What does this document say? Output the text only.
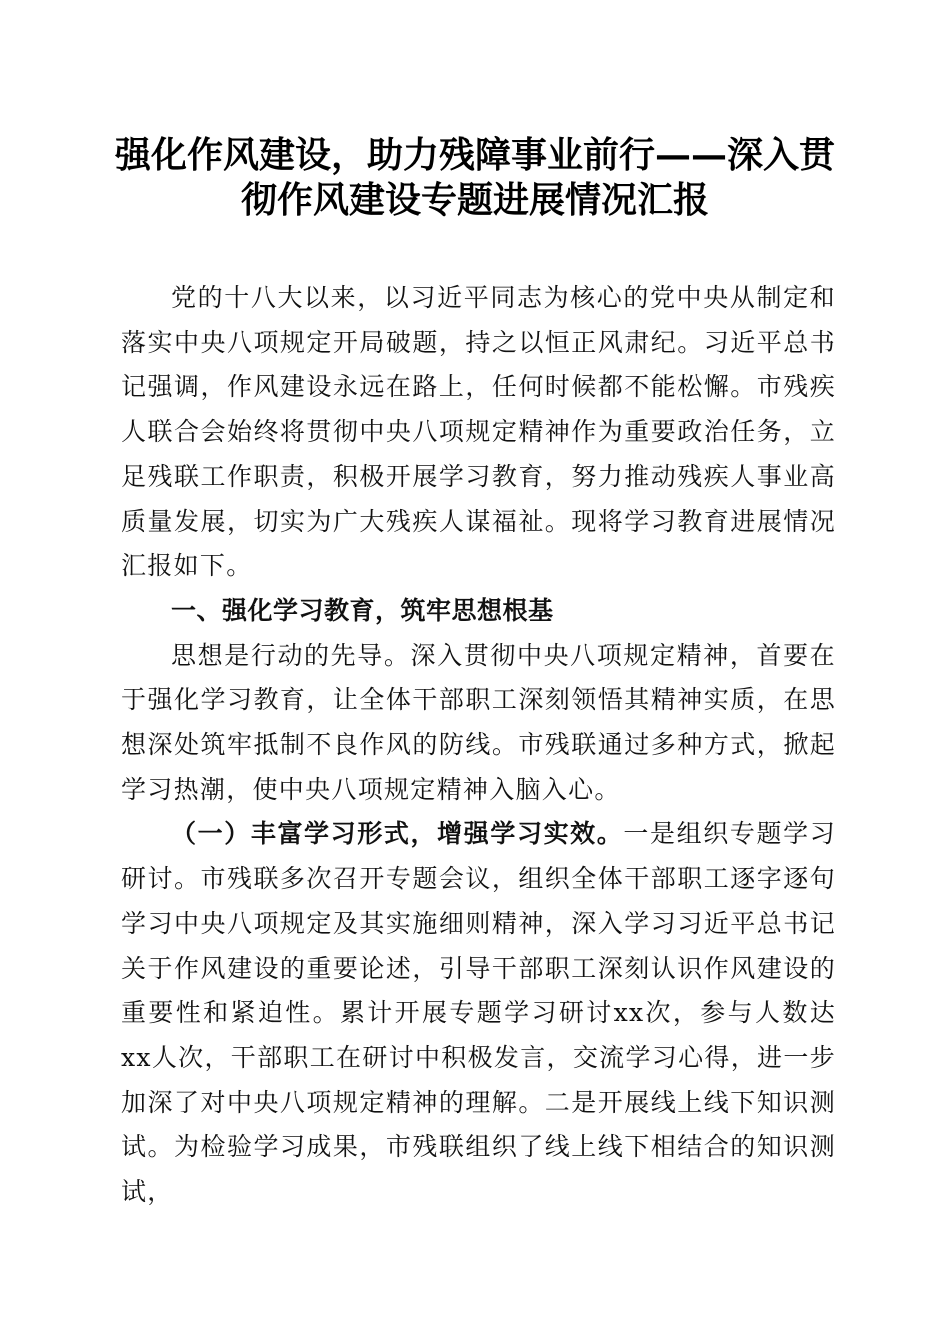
强化作风建设，助力残障事业前行——深入贯彻作风建设专题进展情况汇报

党的十八大以来，以习近平同志为核心的党中央从制定和落实中央八项规定开局破题，持之以恒正风肃纪。习近平总书记强调，作风建设永远在路上，任何时候都不能松懈。市残疾人联合会始终将贯彻中央八项规定精神作为重要政治任务，立足残联工作职责，积极开展学习教育，努力推动残疾人事业高质量发展，切实为广大残疾人谋福祉。现将学习教育进展情况汇报如下。

一、强化学习教育，筑牢思想根基

思想是行动的先导。深入贯彻中央八项规定精神，首要在于强化学习教育，让全体干部职工深刻领悟其精神实质，在思想深处筑牢抵制不良作风的防线。市残联通过多种方式，掀起学习热潮，使中央八项规定精神入脑入心。

（一）丰富学习形式，增强学习实效。一是组织专题学习研讨。市残联多次召开专题会议，组织全体干部职工逐字逐句学习中央八项规定及其实施细则精神，深入学习习近平总书记关于作风建设的重要论述，引导干部职工深刻认识作风建设的重要性和紧迫性。累计开展专题学习研讨xx次，参与人数达xx人次，干部职工在研讨中积极发言，交流学习心得，进一步加深了对中央八项规定精神的理解。二是开展线上线下知识测试。为检验学习成果，市残联组织了线上线下相结合的知识测试，
